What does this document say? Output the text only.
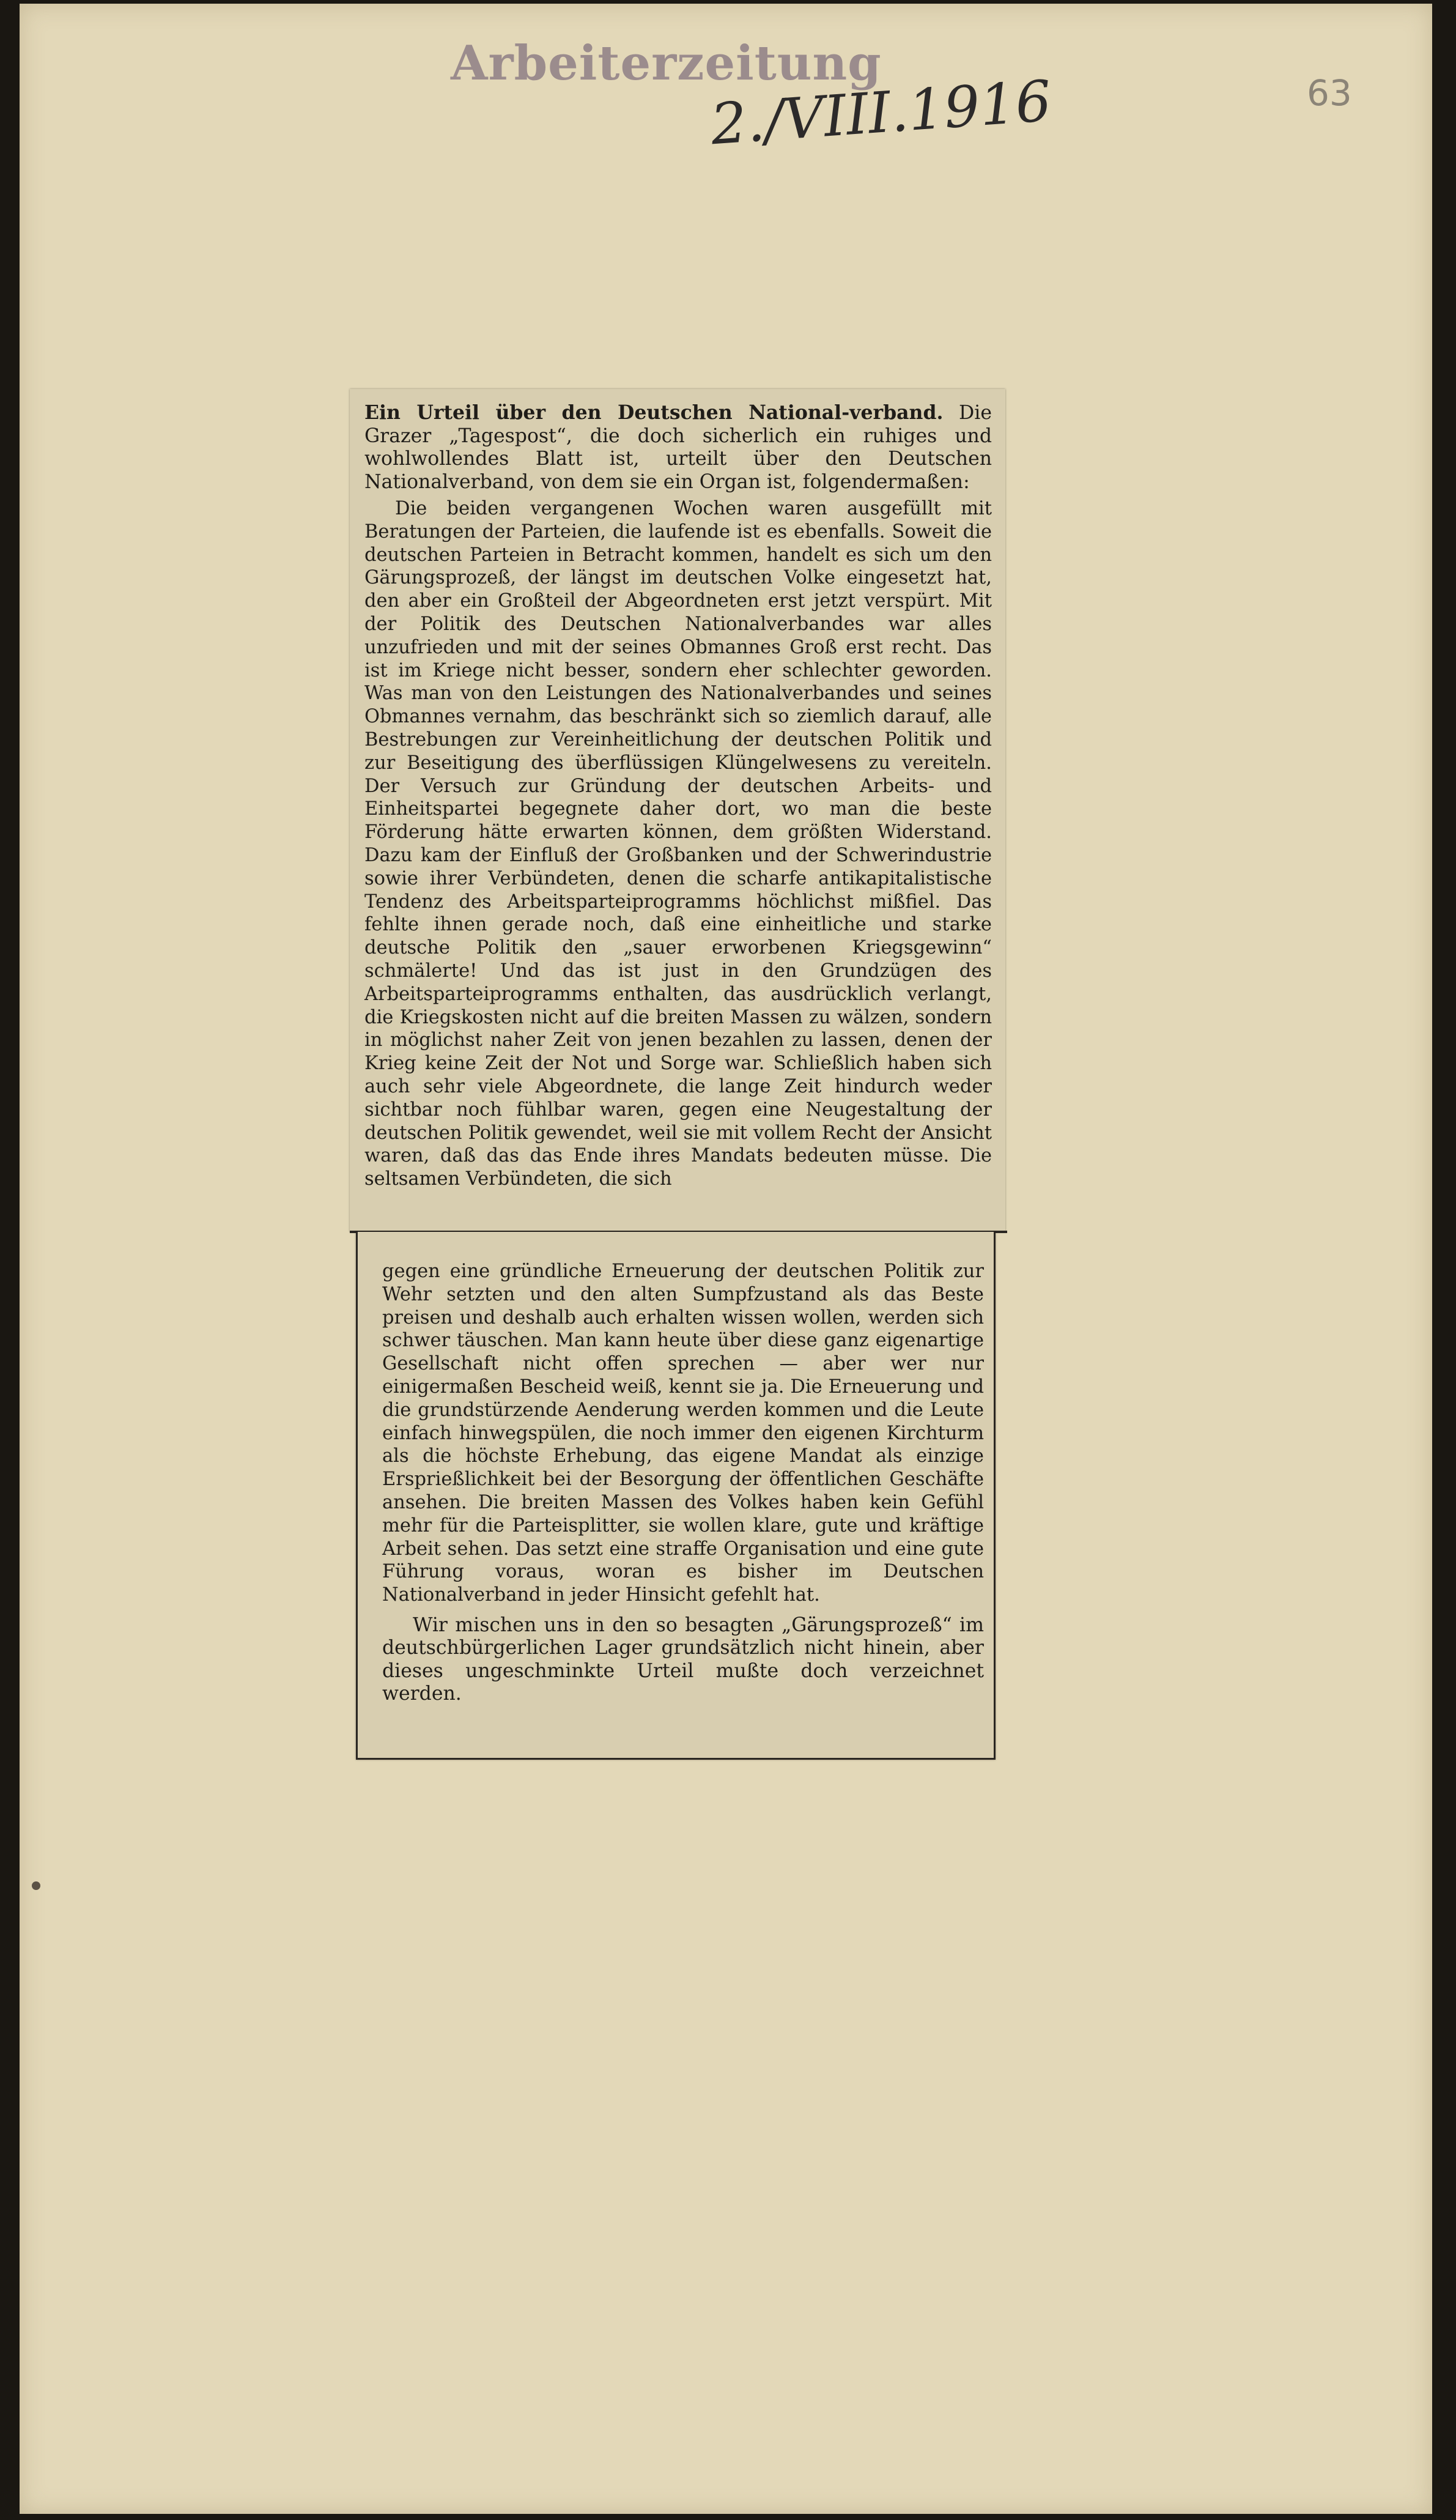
Arbeiterzeitung
2./VIII.1916	63

Ein Urteil über den Deutschen National-verband. Die Grazer „Tagespost“, die doch sicherlich ein ruhiges und wohlwollendes Blatt ist, urteilt über den Deutschen Nationalverband, von dem sie ein Organ ist, folgendermaßen:

Die beiden vergangenen Wochen waren ausgefüllt mit Beratungen der Parteien, die laufende ist es ebenfalls. Soweit die deutschen Parteien in Betracht kommen, handelt es sich um den Gärungsprozeß, der längst im deutschen Volke eingesetzt hat, den aber ein Großteil der Abgeordneten erst jetzt verspürt. Mit der Politik des Deutschen Nationalverbandes war alles unzufrieden und mit der seines Obmannes Groß erst recht. Das ist im Kriege nicht besser, sondern eher schlechter geworden. Was man von den Leistungen des Nationalverbandes und seines Obmannes vernahm, das beschränkt sich so ziemlich darauf, alle Bestrebungen zur Vereinheitlichung der deutschen Politik und zur Beseitigung des überflüssigen Klüngelwesens zu vereiteln. Der Versuch zur Gründung der deutschen Arbeits- und Einheitspartei begegnete daher dort, wo man die beste Förderung hätte erwarten können, dem größten Widerstand. Dazu kam der Einfluß der Großbanken und der Schwerindustrie sowie ihrer Verbündeten, denen die scharfe antikapitalistische Tendenz des Arbeitsparteiprogramms höchlichst mißfiel. Das fehlte ihnen gerade noch, daß eine einheitliche und starke deutsche Politik den „sauer erworbenen Kriegsgewinn“ schmälerte! Und das ist just in den Grundzügen des Arbeitsparteiprogramms enthalten, das ausdrücklich verlangt, die Kriegskosten nicht auf die breiten Massen zu wälzen, sondern in möglichst naher Zeit von jenen bezahlen zu lassen, denen der Krieg keine Zeit der Not und Sorge war. Schließlich haben sich auch sehr viele Abgeordnete, die lange Zeit hindurch weder sichtbar noch fühlbar waren, gegen eine Neugestaltung der deutschen Politik gewendet, weil sie mit vollem Recht der Ansicht waren, daß das das Ende ihres Mandats bedeuten müsse. Die seltsamen Verbündeten, die sich

gegen eine gründliche Erneuerung der deutschen Politik zur Wehr setzten und den alten Sumpfzustand als das Beste preisen und deshalb auch erhalten wissen wollen, werden sich schwer täuschen. Man kann heute über diese ganz eigenartige Gesellschaft nicht offen sprechen — aber wer nur einigermaßen Bescheid weiß, kennt sie ja. Die Erneuerung und die grundstürzende Aenderung werden kommen und die Leute einfach hinwegspülen, die noch immer den eigenen Kirchturm als die höchste Erhebung, das eigene Mandat als einzige Ersprießlichkeit bei der Besorgung der öffentlichen Geschäfte ansehen. Die breiten Massen des Volkes haben kein Gefühl mehr für die Parteisplitter, sie wollen klare, gute und kräftige Arbeit sehen. Das setzt eine straffe Organisation und eine gute Führung voraus, woran es bisher im Deutschen Nationalverband in jeder Hinsicht gefehlt hat.

Wir mischen uns in den so besagten „Gärungsprozeß“ im deutschbürgerlichen Lager grundsätzlich nicht hinein, aber dieses ungeschminkte Urteil mußte doch verzeichnet werden.
